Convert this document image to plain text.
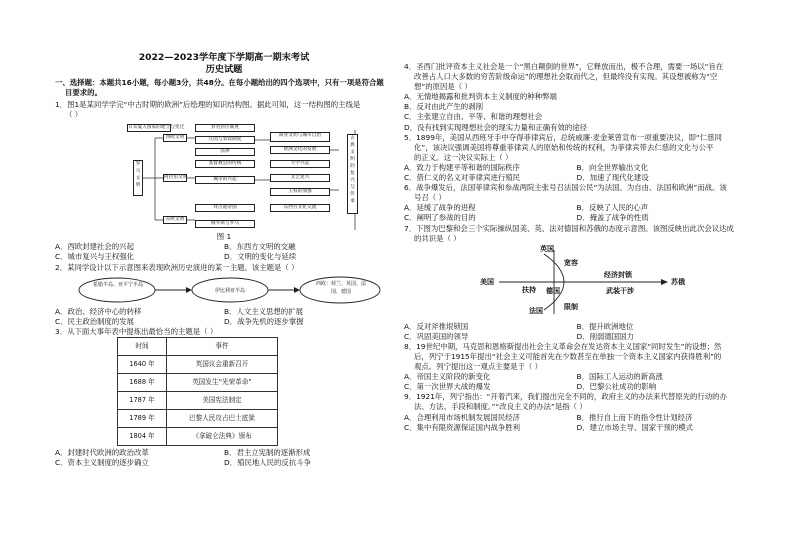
2022—2023学年度下学期高一期末考试
历史试题
一、选择题：本题共16小题，每小题3分，共48分。在每小题给出的四个选项中，只有一项是符合题
目要求的。
1．图1是某同学学完“中古时期的欧洲”后绘理的知识结构图。据此可知，这一结构图的主线是
（ ）
罗马文明
日耳曼人国家的建立与变迁
西欧文明
阿拉伯文明
东欧文明
封君封臣制度
庄园与农奴制度
法律
基督教会的传统
拜占庭帝国
俄罗斯与罗马
城市的兴起
商业文明与城市自治
欧洲文化的发展
大学兴起
文艺复兴
王权的加强
东西方文化交流
古典文明的复兴与传承
图 1
A．西欧封建社会的兴起	B．东西方文明的交融
C．城市复兴与王权强化	D．文明的变化与延续
2．某同学设计以下示意图来表现欧洲历史演进的某一主题。该主题是（ ）
希腊半岛、亚平宁半岛
伊比利亚半岛
西欧：荷兰、英国、法国、德国
A．政治、经济中心的转移	B．人文主义思想的扩展
C．民主政治制度的发展	D．战争先机的逐步掌握
3．从下面大事年表中提炼出最恰当的主题是（ ）
时间	事件
1640 年	英国议会重新召开
1688 年	英国发生“光荣革命”
1787 年	美国宪法制定
1789 年	巴黎人民攻占巴士底狱
1804 年	《拿破仑法典》颁布
A．封建时代欧洲的政治改革	B．君主立宪制的逐渐形成
C．资本主义制度的逐步确立	D．殖民地人民的反抗斗争
4．圣西门批评资本主义社会是一个“黑白颠倒的世界”，它释放而出，极不合理，需要一场以“旨在
改善占人口大多数的穷苦阶级命运”的理想社会取而代之，但最终没有实现。其设想被称为“空
想”的原因是（ ）
A．无情地揭露和批判资本主义制度的种种弊端
B．反对由此产生的剥削
C．主张建立自由、平等、和谐的理想社会
D．没有找到实现理想社会的现实力量和正确有效的途径
5．1899年，美国从西班牙手中夺得菲律宾后，总统威廉·麦金莱曾宣布一项重要决议，即“仁慈同
化”，该决议强调美国将尊重菲律宾人的原始和传统的权利，为菲律宾带去仁慈的文化与公平
的正义。这一决议实际上（ ）
A．致力于构建平等和谐的国际秩序	B．向全世界输出文化
C．借仁义的名义对菲律宾进行殖民	D．加速了现代化建设
6．战争爆发后，法国菲律宾和参战两院主张号召法国公民“为法国、为自由、法国和欧洲”而战。该
号召（ ）
A．延缓了战争的进程	B．反映了人民的心声
C．阐明了参战的目的	D．掩盖了战争的性质
7．下图为巴黎和会三个实际操纵国美、英、法对德国和苏俄的态度示意图。该图反映出此次会议达成
的共识是（ ）
英国
美国
法国
德国
苏俄
宽容
扶持
限制
经济封锁
武装干涉
A．反对斧推垠锁国	B．提升欧洲地位
C．巩固美国的领导	D．削弱德国国力
8．19世纪中期，马克思和恩格斯提出社会主义革命会在发达资本主义国家“同时发生”的设想；然
后，列宁于1915年提出“社会主义可能首先在少数甚至在单独一个资本主义国家内获得胜利”的
观点。列宁提出这一观点主要是于（ ）
A．帝国主义阶段的新变化	B．国际工人运动的新高涨
C．第一次世界大战的爆发	D．巴黎公社成功的影响
9．1921年，列宁指出：“开着汽来，我们提出完全不同的，政府主义的办法来代替原先的行动的办
法、方法、手段和制度。”“改良主义的办法”是指（ ）
A．合理利用市场机制发展国民经济	B．推行自上而下的指令性计划经济
C．集中有限资源保证国内战争胜利	D．建立市场主导、国家干预的模式
